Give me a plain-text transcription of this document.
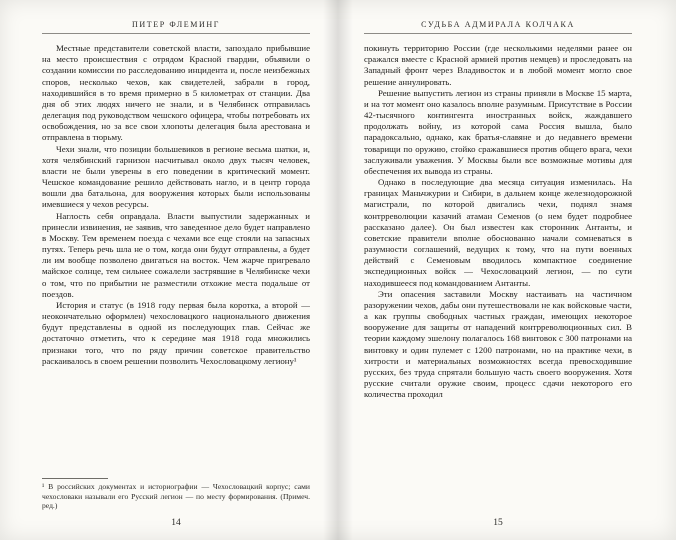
ПИТЕР ФЛЕМИНГ

Местные представители советской власти, запоздало прибывшие на место происшествия с отрядом Красной гвардии, объявили о создании комиссии по расследованию инцидента и, после неизбежных споров, несколько чехов, как свидетелей, забрали в город, находившийся в то время примерно в 5 километрах от станции. Два дня об этих людях ничего не знали, и в Челябинск отправилась делегация под руководством чешского офицера, чтобы потребовать их освобождения, но за все свои хлопоты делегация была арестована и отправлена в тюрьму.

Чехи знали, что позиции большевиков в регионе весьма шатки, и, хотя челябинский гарнизон насчитывал около двух тысяч человек, власти не были уверены в его поведении в критический момент. Чешское командование решило действовать нагло, и в центр города вошли два батальона, для вооружения которых были использованы имевшиеся у чехов ресурсы.

Наглость себя оправдала. Власти выпустили задержанных и принесли извинения, не заявив, что заведенное дело будет направлено в Москву. Тем временем поезда с чехами все еще стояли на запасных путях. Теперь речь шла не о том, когда они будут отправлены, а будет ли им вообще позволено двигаться на восток. Чем жарче пригревало майское солнце, тем сильнее сожалели застрявшие в Челябинске чехи о том, что по прибытии не разместили отхожие места подальше от поездов.

История и статус (в 1918 году первая была коротка, а второй — неокончательно оформлен) чехословацкого национального движения будут представлены в одной из последующих глав. Сейчас же достаточно отметить, что к середине мая 1918 года множились признаки того, что по ряду причин советское правительство раскаивалось в своем решении позволить Чехословацкому легиону¹

¹ В российских документах и историографии — Чехословацкий корпус; сами чехословаки называли его Русский легион — по месту формирования. (Примеч. ред.)

14
СУДЬБА АДМИРАЛА КОЛЧАКА

покинуть территорию России (где несколькими неделями ранее он сражался вместе с Красной армией против немцев) и проследовать на Западный фронт через Владивосток и в любой момент могло свое решение аннулировать.

Решение выпустить легион из страны приняли в Москве 15 марта, и на тот момент оно казалось вполне разумным. Присутствие в России 42-тысячного контингента иностранных войск, жаждавшего продолжать войну, из которой сама Россия вышла, было парадоксально, однако, как братья-славяне и до недавнего времени товарищи по оружию, стойко сражавшиеся против общего врага, чехи заслуживали уважения. У Москвы были все возможные мотивы для обеспечения их вывода из страны.

Однако в последующие два месяца ситуация изменилась. На границах Маньчжурии и Сибири, в дальнем конце железнодорожной магистрали, по которой двигались чехи, поднял знамя контрреволюции казачий атаман Семенов (о нем будет подробнее рассказано далее). Он был известен как сторонник Антанты, и советские правители вполне обоснованно начали сомневаться в разумности соглашений, ведущих к тому, что на пути военных действий с Семеновым вводилось компактное соединение экспедиционных войск — Чехословацкий легион, — по сути находившееся под командованием Антанты.

Эти опасения заставили Москву настаивать на частичном разоружении чехов, дабы они путешествовали не как войсковые части, а как группы свободных частных граждан, имеющих некоторое вооружение для защиты от нападений контрреволюционных сил. В теории каждому эшелону полагалось 168 винтовок с 300 патронами на винтовку и один пулемет с 1200 патронами, но на практике чехи, в хитрости и материальных возможностях всегда превосходившие русских, без труда спрятали большую часть своего вооружения. Хотя русские считали оружие своим, процесс сдачи некоторого его количества проходил

15
